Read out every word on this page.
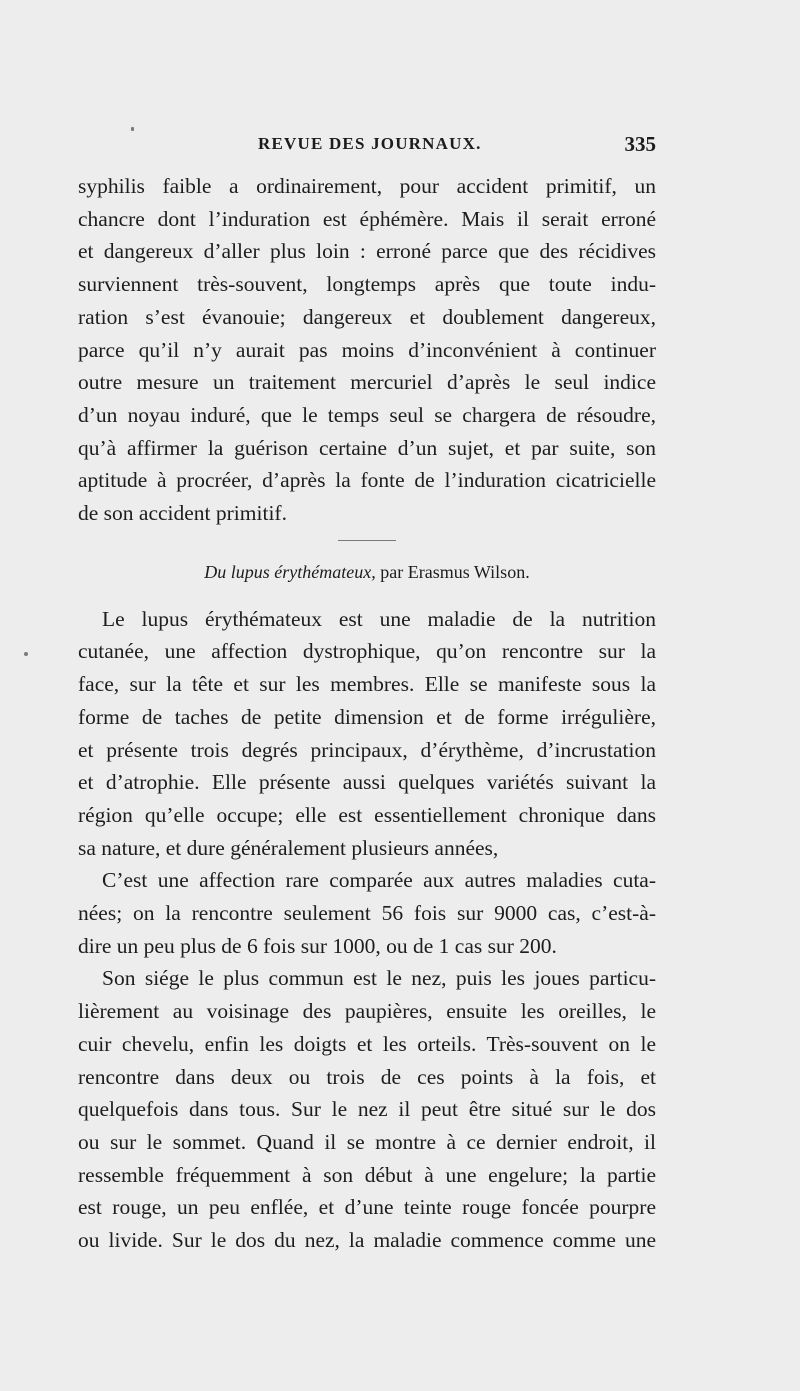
REVUE DES JOURNAUX.	335

syphilis faible a ordinairement, pour accident primitif, un
chancre dont l’induration est éphémère. Mais il serait erroné
et dangereux d’aller plus loin : erroné parce que des récidives
surviennent très-souvent, longtemps après que toute indu-
ration s’est évanouie; dangereux et doublement dangereux,
parce qu’il n’y aurait pas moins d’inconvénient à continuer
outre mesure un traitement mercuriel d’après le seul indice
d’un noyau induré, que le temps seul se chargera de résoudre,
qu’à affirmer la guérison certaine d’un sujet, et par suite, son
aptitude à procréer, d’après la fonte de l’induration cicatricielle
de son accident primitif.

Du lupus érythémateux, par Erasmus Wilson.

Le lupus érythémateux est une maladie de la nutrition
cutanée, une affection dystrophique, qu’on rencontre sur la
face, sur la tête et sur les membres. Elle se manifeste sous la
forme de taches de petite dimension et de forme irrégulière,
et présente trois degrés principaux, d’érythème, d’incrustation
et d’atrophie. Elle présente aussi quelques variétés suivant la
région qu’elle occupe; elle est essentiellement chronique dans
sa nature, et dure généralement plusieurs années,

C’est une affection rare comparée aux autres maladies cuta-
nées; on la rencontre seulement 56 fois sur 9000 cas, c’est-à-
dire un peu plus de 6 fois sur 1000, ou de 1 cas sur 200.

Son siége le plus commun est le nez, puis les joues particu-
lièrement au voisinage des paupières, ensuite les oreilles, le
cuir chevelu, enfin les doigts et les orteils. Très-souvent on le
rencontre dans deux ou trois de ces points à la fois, et
quelquefois dans tous. Sur le nez il peut être situé sur le dos
ou sur le sommet. Quand il se montre à ce dernier endroit, il
ressemble fréquemment à son début à une engelure; la partie
est rouge, un peu enflée, et d’une teinte rouge foncée pourpre
ou livide. Sur le dos du nez, la maladie commence comme une
